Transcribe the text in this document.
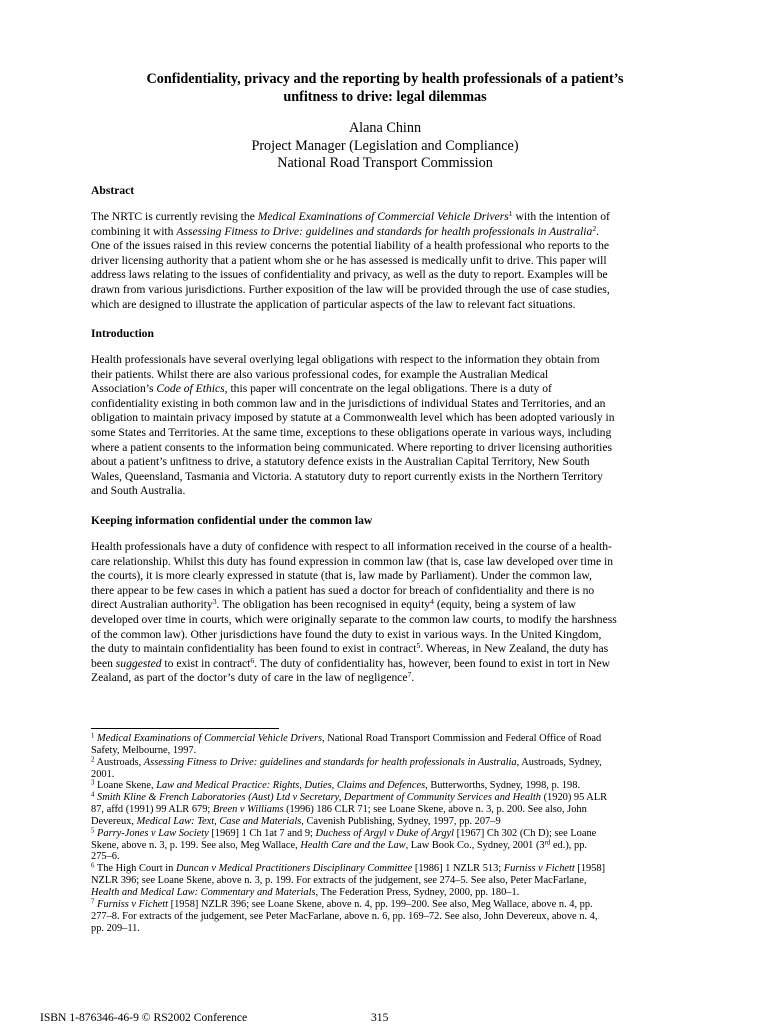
Confidentiality, privacy and the reporting by health professionals of a patient’s
unfitness to drive: legal dilemmas
Alana Chinn
Project Manager (Legislation and Compliance)
National Road Transport Commission
Abstract
The NRTC is currently revising the Medical Examinations of Commercial Vehicle Drivers$^1$ with the intention of
combining it with Assessing Fitness to Drive: guidelines and standards for health professionals in Australia$^2$.
One of the issues raised in this review concerns the potential liability of a health professional who reports to the
driver licensing authority that a patient whom she or he has assessed is medically unfit to drive. This paper will
address laws relating to the issues of confidentiality and privacy, as well as the duty to report. Examples will be
drawn from various jurisdictions. Further exposition of the law will be provided through the use of case studies,
which are designed to illustrate the application of particular aspects of the law to relevant fact situations.
Introduction
Health professionals have several overlying legal obligations with respect to the information they obtain from
their patients. Whilst there are also various professional codes, for example the Australian Medical
Association’s Code of Ethics, this paper will concentrate on the legal obligations. There is a duty of
confidentiality existing in both common law and in the jurisdictions of individual States and Territories, and an
obligation to maintain privacy imposed by statute at a Commonwealth level which has been adopted variously in
some States and Territories. At the same time, exceptions to these obligations operate in various ways, including
where a patient consents to the information being communicated. Where reporting to driver licensing authorities
about a patient’s unfitness to drive, a statutory defence exists in the Australian Capital Territory, New South
Wales, Queensland, Tasmania and Victoria. A statutory duty to report currently exists in the Northern Territory
and South Australia.
Keeping information confidential under the common law
Health professionals have a duty of confidence with respect to all information received in the course of a health-
care relationship. Whilst this duty has found expression in common law (that is, case law developed over time in
the courts), it is more clearly expressed in statute (that is, law made by Parliament). Under the common law,
there appear to be few cases in which a patient has sued a doctor for breach of confidentiality and there is no
direct Australian authority$^3$. The obligation has been recognised in equity$^4$ (equity, being a system of law
developed over time in courts, which were originally separate to the common law courts, to modify the harshness
of the common law). Other jurisdictions have found the duty to exist in various ways. In the United Kingdom,
the duty to maintain confidentiality has been found to exist in contract$^5$. Whereas, in New Zealand, the duty has
been suggested to exist in contract$^6$. The duty of confidentiality has, however, been found to exist in tort in New
Zealand, as part of the doctor’s duty of care in the law of negligence$^7$.
$^1$ Medical Examinations of Commercial Vehicle Drivers, National Road Transport Commission and Federal Office of Road
Safety, Melbourne, 1997.
$^2$ Austroads, Assessing Fitness to Drive: guidelines and standards for health professionals in Australia, Austroads, Sydney,
2001.
$^3$ Loane Skene, Law and Medical Practice: Rights, Duties, Claims and Defences, Butterworths, Sydney, 1998, p. 198.
$^4$ Smith Kline & French Laboratories (Aust) Ltd v Secretary, Department of Community Services and Health (1920) 95 ALR
87, affd (1991) 99 ALR 679; Breen v Williams (1996) 186 CLR 71; see Loane Skene, above n. 3, p. 200. See also, John
Devereux, Medical Law: Text, Case and Materials, Cavenish Publishing, Sydney, 1997, pp. 207–9
$^5$ Parry-Jones v Law Society [1969] 1 Ch 1at 7 and 9; Duchess of Argyl v Duke of Argyl [1967] Ch 302 (Ch D); see Loane
Skene, above n. 3, p. 199. See also, Meg Wallace, Health Care and the Law, Law Book Co., Sydney, 2001 (3rd ed.), pp.
275–6.
$^6$ The High Court in Duncan v Medical Practitioners Disciplinary Committee [1986] 1 NZLR 513; Furniss v Fichett [1958]
NZLR 396; see Loane Skene, above n. 3, p. 199. For extracts of the judgement, see 274–5. See also, Peter MacFarlane,
Health and Medical Law: Commentary and Materials, The Federation Press, Sydney, 2000, pp. 180–1.
$^7$ Furniss v Fichett [1958] NZLR 396; see Loane Skene, above n. 4, pp. 199–200. See also, Meg Wallace, above n. 4, pp.
277–8. For extracts of the judgement, see Peter MacFarlane, above n. 6, pp. 169–72. See also, John Devereux, above n. 4,
pp. 209–11.
ISBN 1-876346-46-9 © RS2002 Conference	315
